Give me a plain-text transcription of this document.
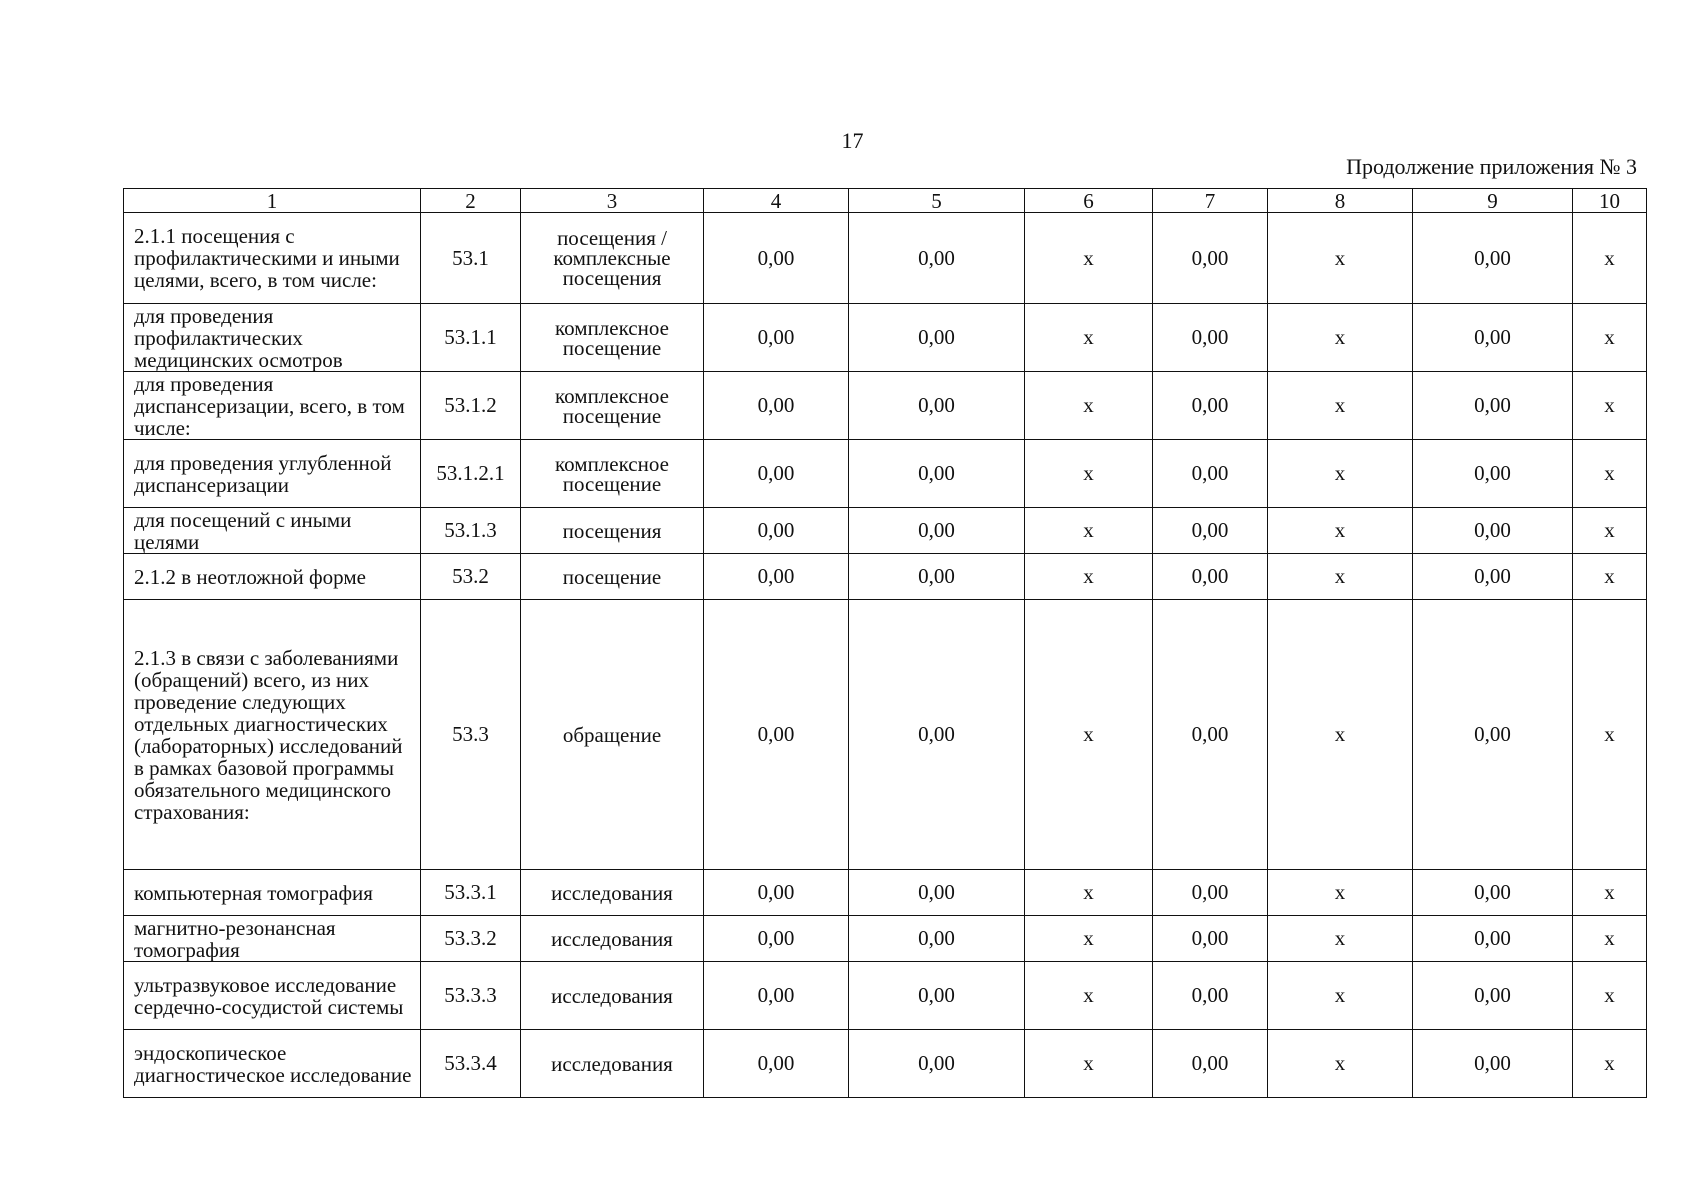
17
Продолжение приложения № 3
1	2	3	4	5	6	7	8	9	10
2.1.1 посещения с профилактическими и иными целями, всего, в том числе:	53.1	посещения / комплексные посещения	0,00	0,00	х	0,00	х	0,00	х
для проведения профилактических медицинских осмотров	53.1.1	комплексное посещение	0,00	0,00	х	0,00	х	0,00	х
для проведения диспансеризации, всего, в том числе:	53.1.2	комплексное посещение	0,00	0,00	х	0,00	х	0,00	х
для проведения углубленной диспансеризации	53.1.2.1	комплексное посещение	0,00	0,00	х	0,00	х	0,00	х
для посещений с иными целями	53.1.3	посещения	0,00	0,00	х	0,00	х	0,00	х
2.1.2 в неотложной форме	53.2	посещение	0,00	0,00	х	0,00	х	0,00	х
2.1.3 в связи с заболеваниями (обращений) всего, из них проведение следующих отдельных диагностических (лабораторных) исследований в рамках базовой программы обязательного медицинского страхования:	53.3	обращение	0,00	0,00	х	0,00	х	0,00	х
компьютерная томография	53.3.1	исследования	0,00	0,00	х	0,00	х	0,00	х
магнитно-резонансная томография	53.3.2	исследования	0,00	0,00	х	0,00	х	0,00	х
ультразвуковое исследование сердечно-сосудистой системы	53.3.3	исследования	0,00	0,00	х	0,00	х	0,00	х
эндоскопическое диагностическое исследование	53.3.4	исследования	0,00	0,00	х	0,00	х	0,00	х
